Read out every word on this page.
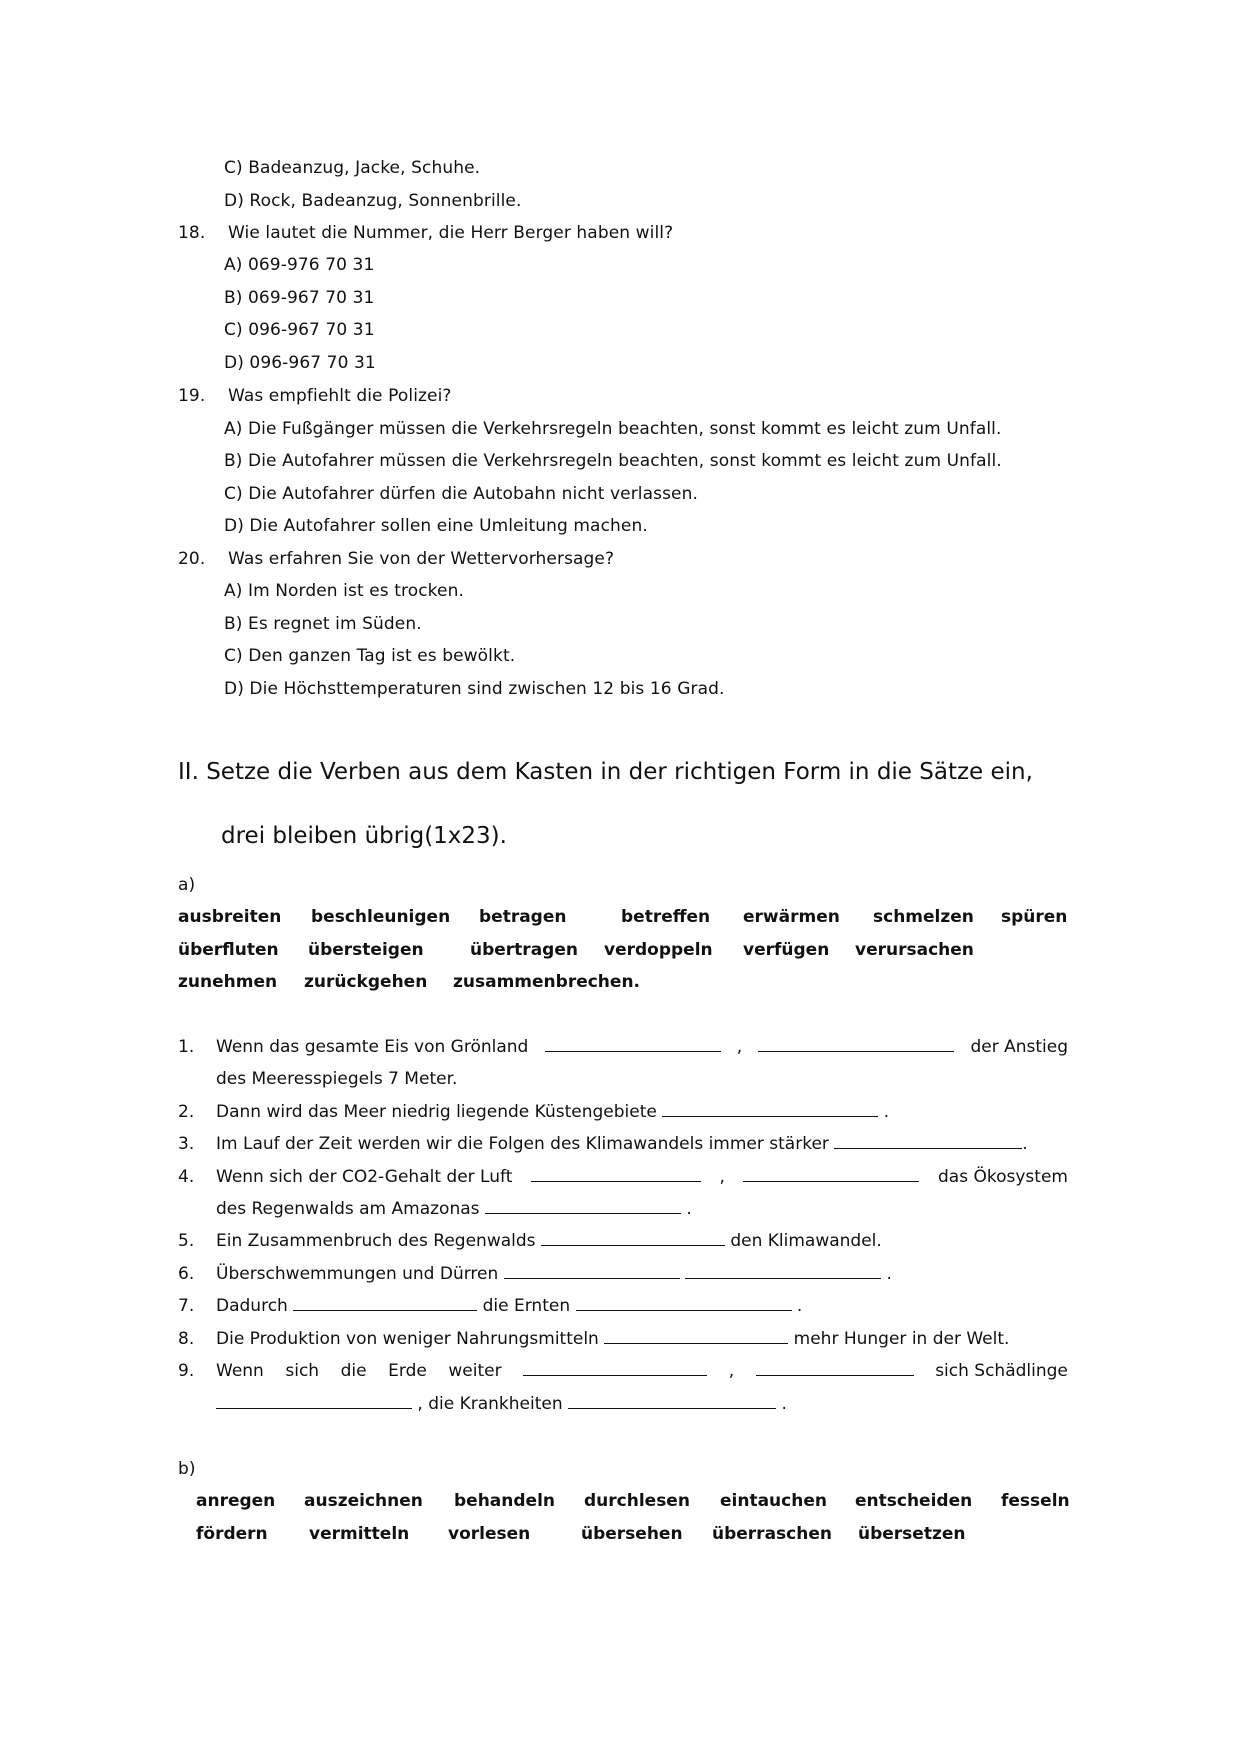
C) Badeanzug, Jacke, Schuhe.
D) Rock, Badeanzug, Sonnenbrille.
18. Wie lautet die Nummer, die Herr Berger haben will?
A) 069-976 70 31
B) 069-967 70 31
C) 096-967 70 31
D) 096-967 70 31
19. Was empfiehlt die Polizei?
A) Die Fußgänger müssen die Verkehrsregeln beachten, sonst kommt es leicht zum Unfall.
B) Die Autofahrer müssen die Verkehrsregeln beachten, sonst kommt es leicht zum Unfall.
C) Die Autofahrer dürfen die Autobahn nicht verlassen.
D) Die Autofahrer sollen eine Umleitung machen.
20. Was erfahren Sie von der Wettervorhersage?
A) Im Norden ist es trocken.
B) Es regnet im Süden.
C) Den ganzen Tag ist es bewölkt.
D) Die Höchsttemperaturen sind zwischen 12 bis 16 Grad.
II. Setze die Verben aus dem Kasten in der richtigen Form in die Sätze ein,
drei bleiben übrig(1x23).
a)
ausbreiten beschleunigen betragen	betreffen erwärmen schmelzen spüren
überfluten übersteigen	übertragen verdoppeln verfügen verursachen
zunehmen zurückgehen zusammenbrechen.
1. Wenn das gesamte Eis von Grönland	,	der Anstieg
des Meeresspiegels 7 Meter.
2. Dann wird das Meer niedrig liegende Küstengebiete	.
3. Im Lauf der Zeit werden wir die Folgen des Klimawandels immer stärker	.
4. Wenn sich der CO2-Gehalt der Luft	,	das Ökosystem
des Regenwalds am Amazonas	.
5. Ein Zusammenbruch des Regenwalds	den Klimawandel.
6. Überschwemmungen und Dürren	.
7. Dadurch	die Ernten	.
8. Die Produktion von weniger Nahrungsmitteln	mehr Hunger in der Welt.
9. Wenn sich die Erde weiter	,	sich Schädlinge
, die Krankheiten	.
b)
anregen auszeichnen behandeln durchlesen eintauchen entscheiden fesseln
fördern vermitteln vorlesen	übersehen überraschen übersetzen
